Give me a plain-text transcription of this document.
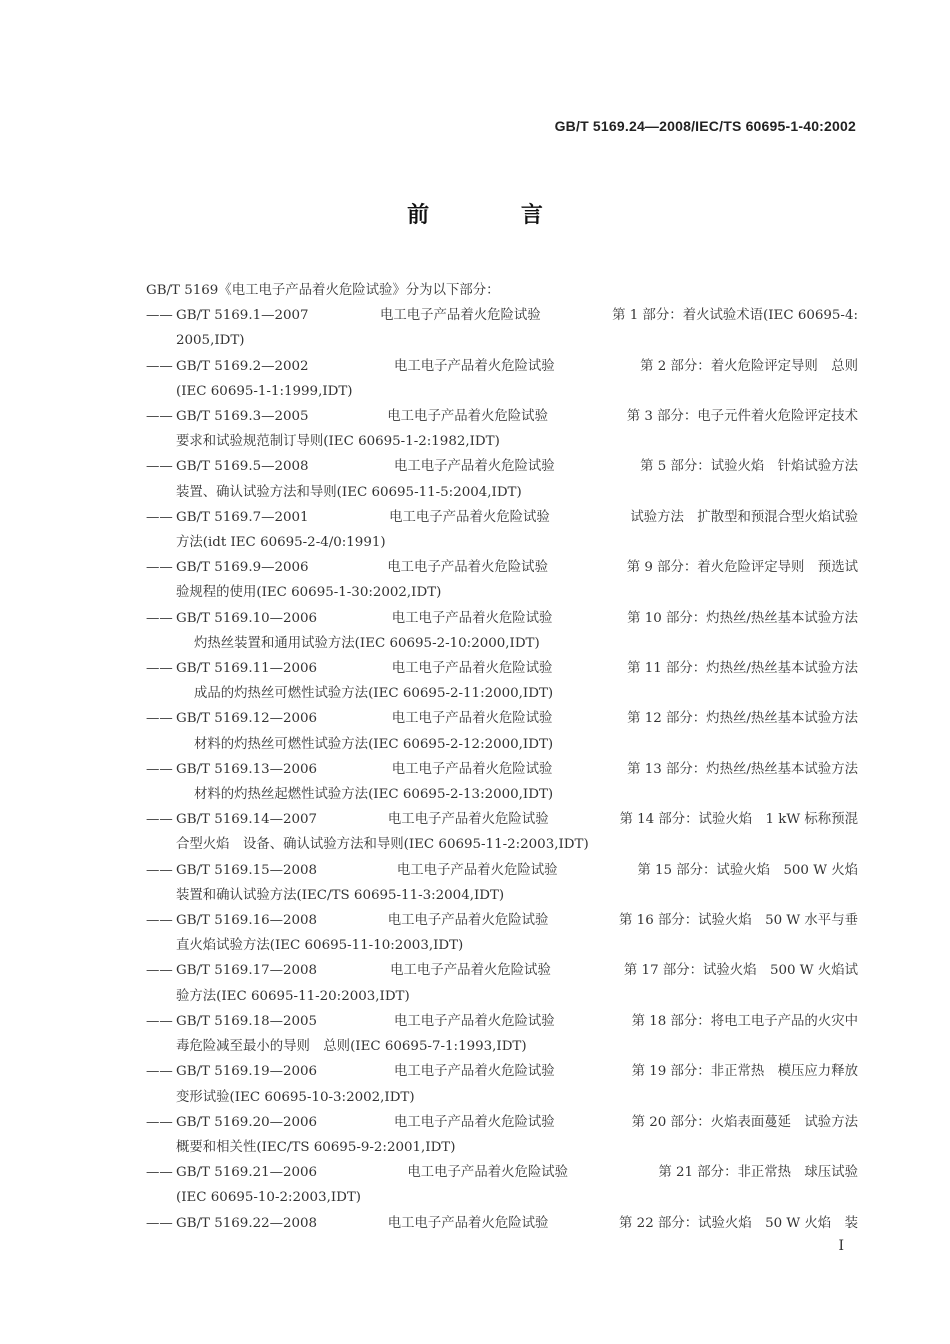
GB/T 5169.24—2008/IEC/TS 60695-1-40:2002
前 言
GB/T 5169《电工电子产品着火危险试验》分为以下部分：
—— GB/T 5169.1—2007	电工电子产品着火危险试验	第 1 部分：着火试验术语(IEC 60695-4:
2005,IDT)
—— GB/T 5169.2—2002	电工电子产品着火危险试验	第 2 部分：着火危险评定导则　总则
(IEC 60695-1-1:1999,IDT)
—— GB/T 5169.3—2005	电工电子产品着火危险试验	第 3 部分：电子元件着火危险评定技术
要求和试验规范制订导则(IEC 60695-1-2:1982,IDT)
—— GB/T 5169.5—2008	电工电子产品着火危险试验	第 5 部分：试验火焰　针焰试验方法
装置、确认试验方法和导则(IEC 60695-11-5:2004,IDT)
—— GB/T 5169.7—2001	电工电子产品着火危险试验	试验方法　扩散型和预混合型火焰试验
方法(idt IEC 60695-2-4/0:1991)
—— GB/T 5169.9—2006	电工电子产品着火危险试验	第 9 部分：着火危险评定导则　预选试
验规程的使用(IEC 60695-1-30:2002,IDT)
—— GB/T 5169.10—2006	电工电子产品着火危险试验	第 10 部分：灼热丝/热丝基本试验方法
灼热丝装置和通用试验方法(IEC 60695-2-10:2000,IDT)
—— GB/T 5169.11—2006	电工电子产品着火危险试验	第 11 部分：灼热丝/热丝基本试验方法
成品的灼热丝可燃性试验方法(IEC 60695-2-11:2000,IDT)
—— GB/T 5169.12—2006	电工电子产品着火危险试验	第 12 部分：灼热丝/热丝基本试验方法
材料的灼热丝可燃性试验方法(IEC 60695-2-12:2000,IDT)
—— GB/T 5169.13—2006	电工电子产品着火危险试验	第 13 部分：灼热丝/热丝基本试验方法
材料的灼热丝起燃性试验方法(IEC 60695-2-13:2000,IDT)
—— GB/T 5169.14—2007	电工电子产品着火危险试验	第 14 部分：试验火焰　1 kW 标称预混
合型火焰　设备、确认试验方法和导则(IEC 60695-11-2:2003,IDT)
—— GB/T 5169.15—2008	电工电子产品着火危险试验	第 15 部分：试验火焰　500 W 火焰
装置和确认试验方法(IEC/TS 60695-11-3:2004,IDT)
—— GB/T 5169.16—2008	电工电子产品着火危险试验	第 16 部分：试验火焰　50 W 水平与垂
直火焰试验方法(IEC 60695-11-10:2003,IDT)
—— GB/T 5169.17—2008	电工电子产品着火危险试验	第 17 部分：试验火焰　500 W 火焰试
验方法(IEC 60695-11-20:2003,IDT)
—— GB/T 5169.18—2005	电工电子产品着火危险试验	第 18 部分：将电工电子产品的火灾中
毒危险减至最小的导则　总则(IEC 60695-7-1:1993,IDT)
—— GB/T 5169.19—2006	电工电子产品着火危险试验	第 19 部分：非正常热　模压应力释放
变形试验(IEC 60695-10-3:2002,IDT)
—— GB/T 5169.20—2006	电工电子产品着火危险试验	第 20 部分：火焰表面蔓延　试验方法
概要和相关性(IEC/TS 60695-9-2:2001,IDT)
—— GB/T 5169.21—2006	电工电子产品着火危险试验	第 21 部分：非正常热　球压试验
(IEC 60695-10-2:2003,IDT)
—— GB/T 5169.22—2008	电工电子产品着火危险试验	第 22 部分：试验火焰　50 W 火焰　装
I
